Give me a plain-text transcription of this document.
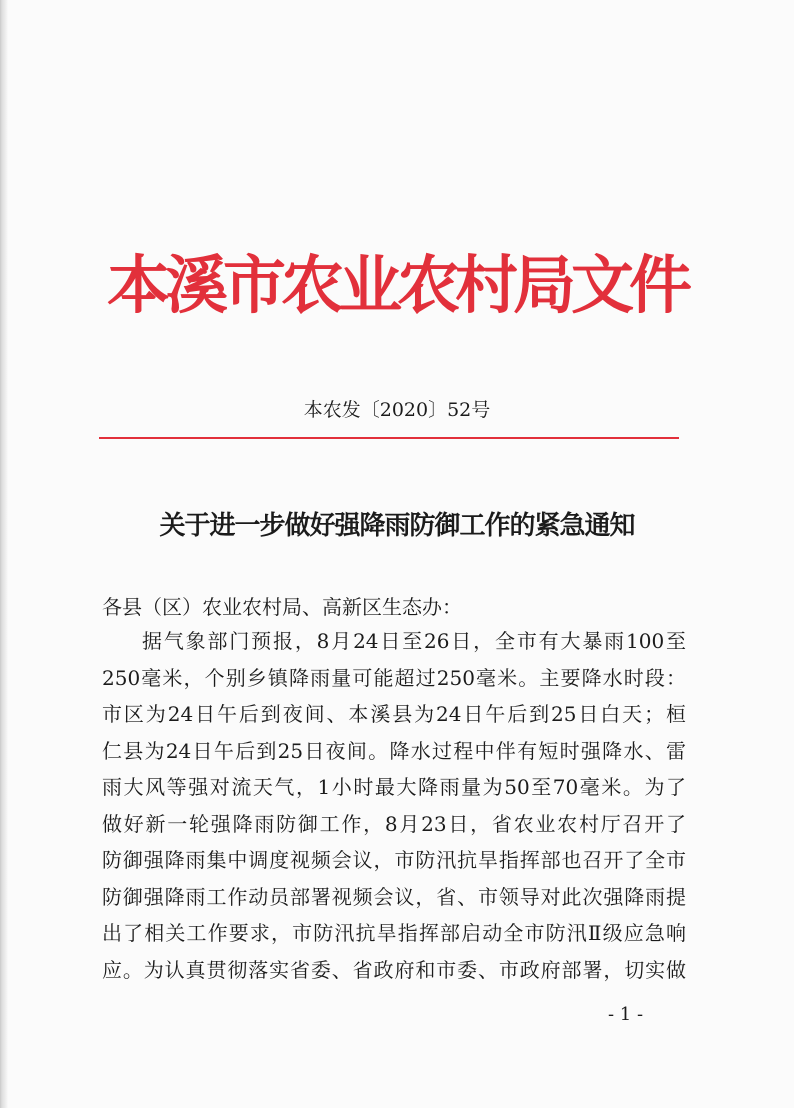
本溪市农业农村局文件
本农发〔2020〕52号
关于进一步做好强降雨防御工作的紧急通知
各县（区）农业农村局、高新区生态办：
据气象部门预报，8月24日至26日，全市有大暴雨100至
250毫米，个别乡镇降雨量可能超过250毫米。主要降水时段：
市区为24日午后到夜间、本溪县为24日午后到25日白天；桓
仁县为24日午后到25日夜间。降水过程中伴有短时强降水、雷
雨大风等强对流天气，1小时最大降雨量为50至70毫米。为了
做好新一轮强降雨防御工作，8月23日，省农业农村厅召开了
防御强降雨集中调度视频会议，市防汛抗旱指挥部也召开了全市
防御强降雨工作动员部署视频会议，省、市领导对此次强降雨提
出了相关工作要求，市防汛抗旱指挥部启动全市防汛Ⅱ级应急响
应。为认真贯彻落实省委、省政府和市委、市政府部署，切实做
- 1 -
